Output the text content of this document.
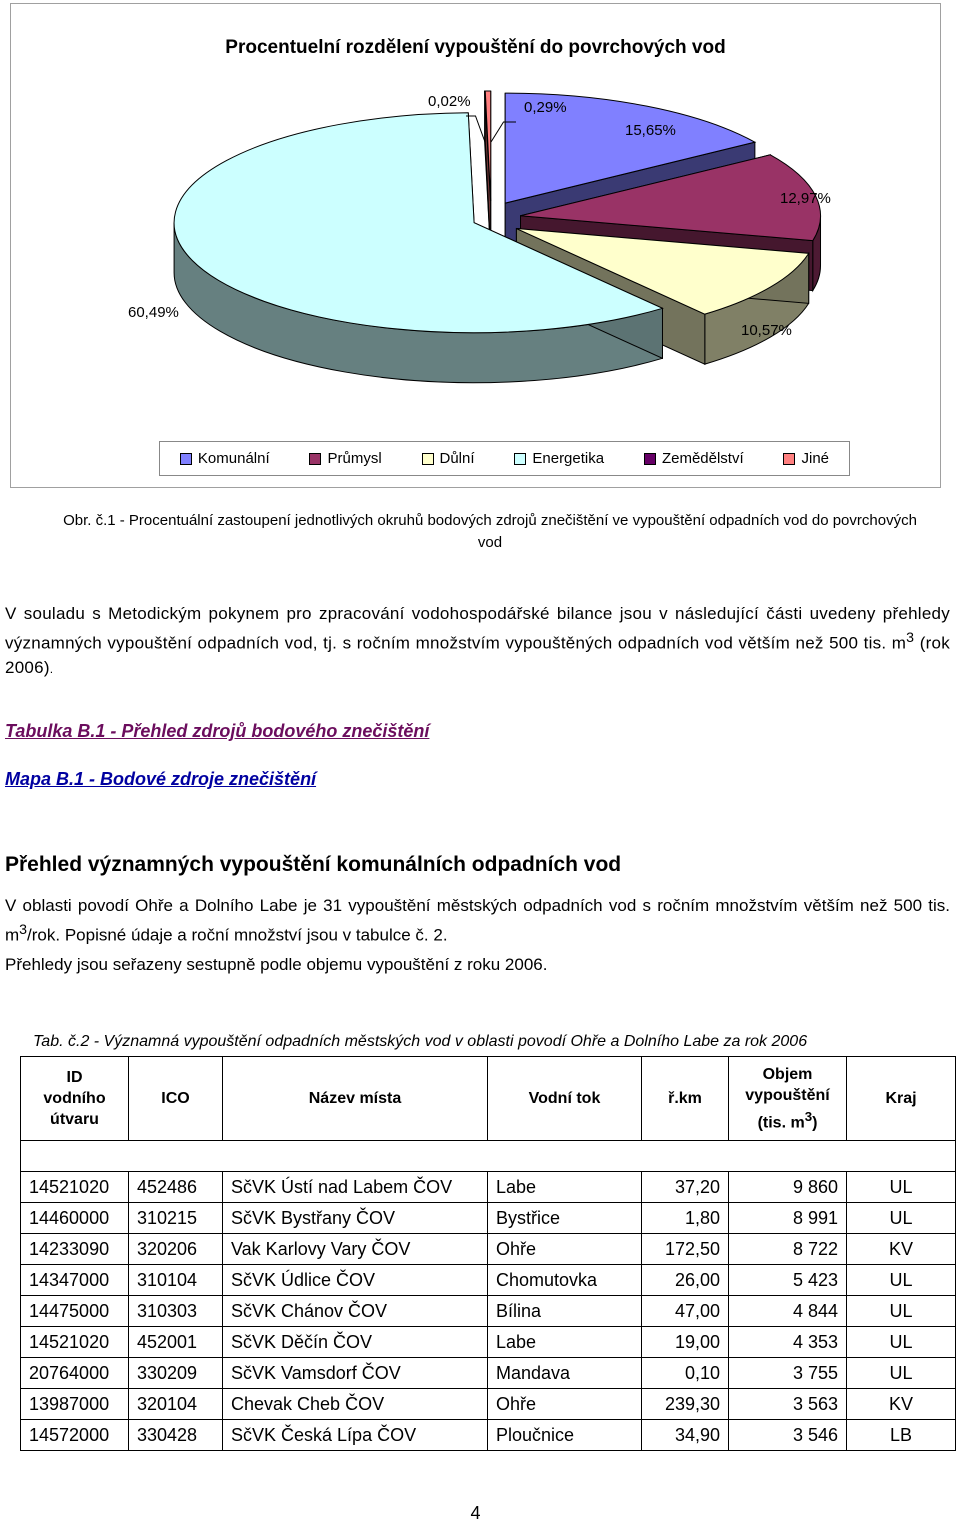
Procentuelní rozdělení vypouštění do povrchových vod
0,02%	0,29%
15,65%
12,97%
60,49%
10,57%
Komunální	Průmysl	Důlní	Energetika	Zemědělství	Jiné
Obr. č.1 - Procentuální zastoupení jednotlivých okruhů bodových zdrojů znečištění ve vypouštění odpadních vod do povrchových vod
V souladu s Metodickým pokynem pro zpracování vodohospodářské bilance jsou v následující části uvedeny přehledy významných vypouštění odpadních vod, tj. s ročním množstvím vypouštěných odpadních vod větším než 500 tis. $m^3$ (rok 2006).
Tabulka B.1 - Přehled zdrojů bodového znečištění
Mapa B.1 - Bodové zdroje znečištění
Přehled významných vypouštění komunálních odpadních vod
V oblasti povodí Ohře a Dolního Labe je 31 vypouštění městských odpadních vod s ročním množstvím větším než 500 tis. $m^3$/rok. Popisné údaje a roční množství jsou v tabulce č. 2.
Přehledy jsou seřazeny sestupně podle objemu vypouštění z roku 2006.
Tab. č.2 - Významná vypouštění odpadních městských vod v oblasti povodí Ohře a Dolního Labe za rok 2006
ID
vodního
útvaru	ICO	Název místa	Vodní tok	ř.km	Objem
vypouštění
(tis. $m^3$)	Kraj

14521020	452486	SčVK Ústí nad Labem ČOV	Labe	37,20	9 860	UL
14460000	310215	SčVK Bystřany ČOV	Bystřice	1,80	8 991	UL
14233090	320206	Vak Karlovy Vary ČOV	Ohře	172,50	8 722	KV
14347000	310104	SčVK Údlice ČOV	Chomutovka	26,00	5 423	UL
14475000	310303	SčVK Chánov ČOV	Bílina	47,00	4 844	UL
14521020	452001	SčVK Děčín ČOV	Labe	19,00	4 353	UL
20764000	330209	SčVK Vamsdorf ČOV	Mandava	0,10	3 755	UL
13987000	320104	Chevak Cheb ČOV	Ohře	239,30	3 563	KV
14572000	330428	SčVK Česká Lípa ČOV	Ploučnice	34,90	3 546	LB
4
